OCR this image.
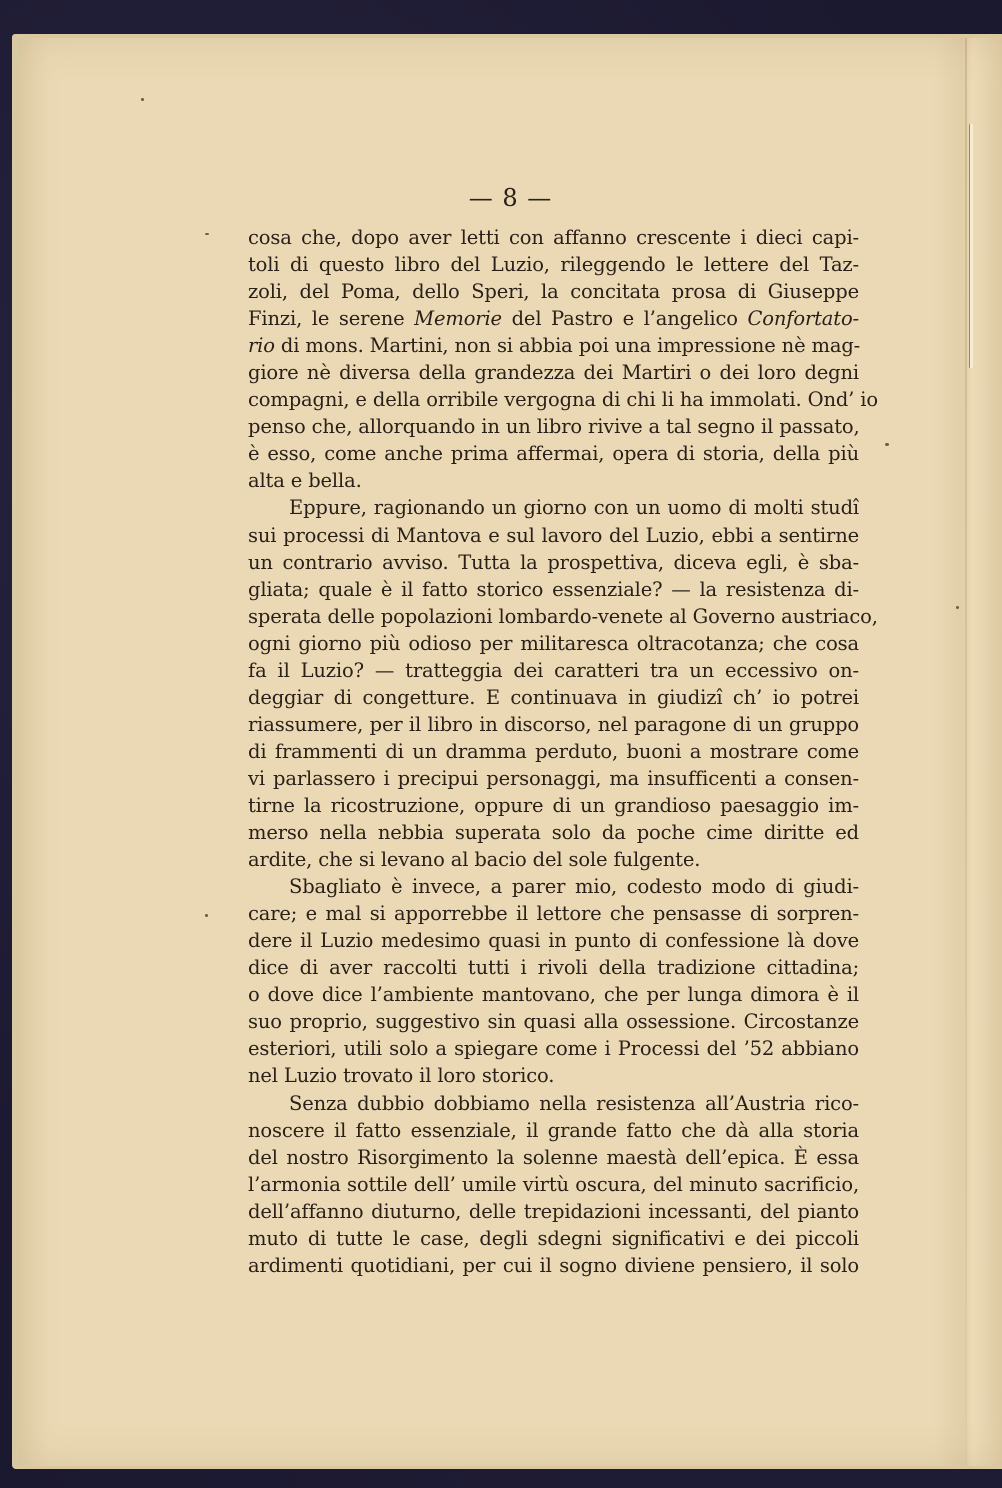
— 8 —
cosa che, dopo aver letti con affanno crescente i dieci capi-
toli di questo libro del Luzio, rileggendo le lettere del Taz-
zoli, del Poma, dello Speri, la concitata prosa di Giuseppe
Finzi, le serene Memorie del Pastro e l’angelico Confortato-
rio di mons. Martini, non si abbia poi una impressione nè mag-
giore nè diversa della grandezza dei Martiri o dei loro degni
compagni, e della orribile vergogna di chi li ha immolati. Ond’ io
penso che, allorquando in un libro rivive a tal segno il passato,
è esso, come anche prima affermai, opera di storia, della più
alta e bella.
Eppure, ragionando un giorno con un uomo di molti studî
sui processi di Mantova e sul lavoro del Luzio, ebbi a sentirne
un contrario avviso. Tutta la prospettiva, diceva egli, è sba-
gliata; quale è il fatto storico essenziale? — la resistenza di-
sperata delle popolazioni lombardo-venete al Governo austriaco,
ogni giorno più odioso per militaresca oltracotanza; che cosa
fa il Luzio? — tratteggia dei caratteri tra un eccessivo on-
deggiar di congetture. E continuava in giudizî ch’ io potrei
riassumere, per il libro in discorso, nel paragone di un gruppo
di frammenti di un dramma perduto, buoni a mostrare come
vi parlassero i precipui personaggi, ma insufficenti a consen-
tirne la ricostruzione, oppure di un grandioso paesaggio im-
merso nella nebbia superata solo da poche cime diritte ed
ardite, che si levano al bacio del sole fulgente.
Sbagliato è invece, a parer mio, codesto modo di giudi-
care; e mal si apporrebbe il lettore che pensasse di sorpren-
dere il Luzio medesimo quasi in punto di confessione là dove
dice di aver raccolti tutti i rivoli della tradizione cittadina;
o dove dice l’ambiente mantovano, che per lunga dimora è il
suo proprio, suggestivo sin quasi alla ossessione. Circostanze
esteriori, utili solo a spiegare come i Processi del ’52 abbiano
nel Luzio trovato il loro storico.
Senza dubbio dobbiamo nella resistenza all’Austria rico-
noscere il fatto essenziale, il grande fatto che dà alla storia
del nostro Risorgimento la solenne maestà dell’epica. È essa
l’armonia sottile dell’ umile virtù oscura, del minuto sacrificio,
dell’affanno diuturno, delle trepidazioni incessanti, del pianto
muto di tutte le case, degli sdegni significativi e dei piccoli
ardimenti quotidiani, per cui il sogno diviene pensiero, il solo
